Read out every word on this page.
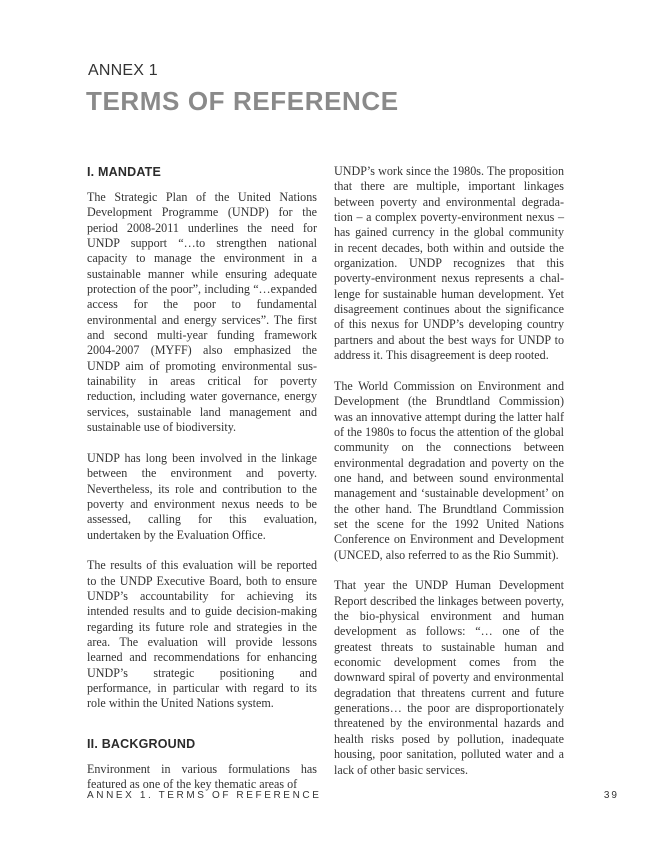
ANNEX 1

TERMS OF REFERENCE
I. MANDATE

The Strategic Plan of the United Nations Development Programme (UNDP) for the period 2008-2011 underlines the need for UNDP support “…to strengthen national capacity to manage the environment in a sustainable manner while ensuring adequate protection of the poor”, including “…expanded access for the poor to fundamental environmental and energy services”. The first and second multi-year funding framework 2004-2007 (MYFF) also emphasized the UNDP aim of promoting environmental sustainability in areas critical for poverty reduction, including water governance, energy services, sustainable land management and sustainable use of biodiversity.

UNDP has long been involved in the linkage between the environment and poverty. Nevertheless, its role and contribution to the poverty and environment nexus needs to be assessed, calling for this evaluation, undertaken by the Evaluation Office.

The results of this evaluation will be reported to the UNDP Executive Board, both to ensure UNDP’s accountability for achieving its intended results and to guide decision-making regarding its future role and strategies in the area. The evaluation will provide lessons learned and recommendations for enhancing UNDP’s strategic positioning and performance, in particular with regard to its role within the United Nations system.

II. BACKGROUND

Environment in various formulations has featured as one of the key thematic areas of

UNDP’s work since the 1980s. The proposition that there are multiple, important linkages between poverty and environmental degradation – a complex poverty-environment nexus – has gained currency in the global community in recent decades, both within and outside the organization. UNDP recognizes that this poverty-environment nexus represents a challenge for sustainable human development. Yet disagreement continues about the significance of this nexus for UNDP’s developing country partners and about the best ways for UNDP to address it. This disagreement is deep rooted.

The World Commission on Environment and Development (the Brundtland Commission) was an innovative attempt during the latter half of the 1980s to focus the attention of the global community on the connections between environmental degradation and poverty on the one hand, and between sound environmental management and ‘sustainable development’ on the other hand. The Brundtland Commission set the scene for the 1992 United Nations Conference on Environment and Development (UNCED, also referred to as the Rio Summit).

That year the UNDP Human Development Report described the linkages between poverty, the bio-physical environment and human development as follows: “… one of the greatest threats to sustainable human and economic development comes from the downward spiral of poverty and environmental degradation that threatens current and future generations… the poor are disproportionately threatened by the environmental hazards and health risks posed by pollution, inadequate housing, poor sanitation, polluted water and a lack of other basic services.

ANNEX 1. TERMS OF REFERENCE	39
